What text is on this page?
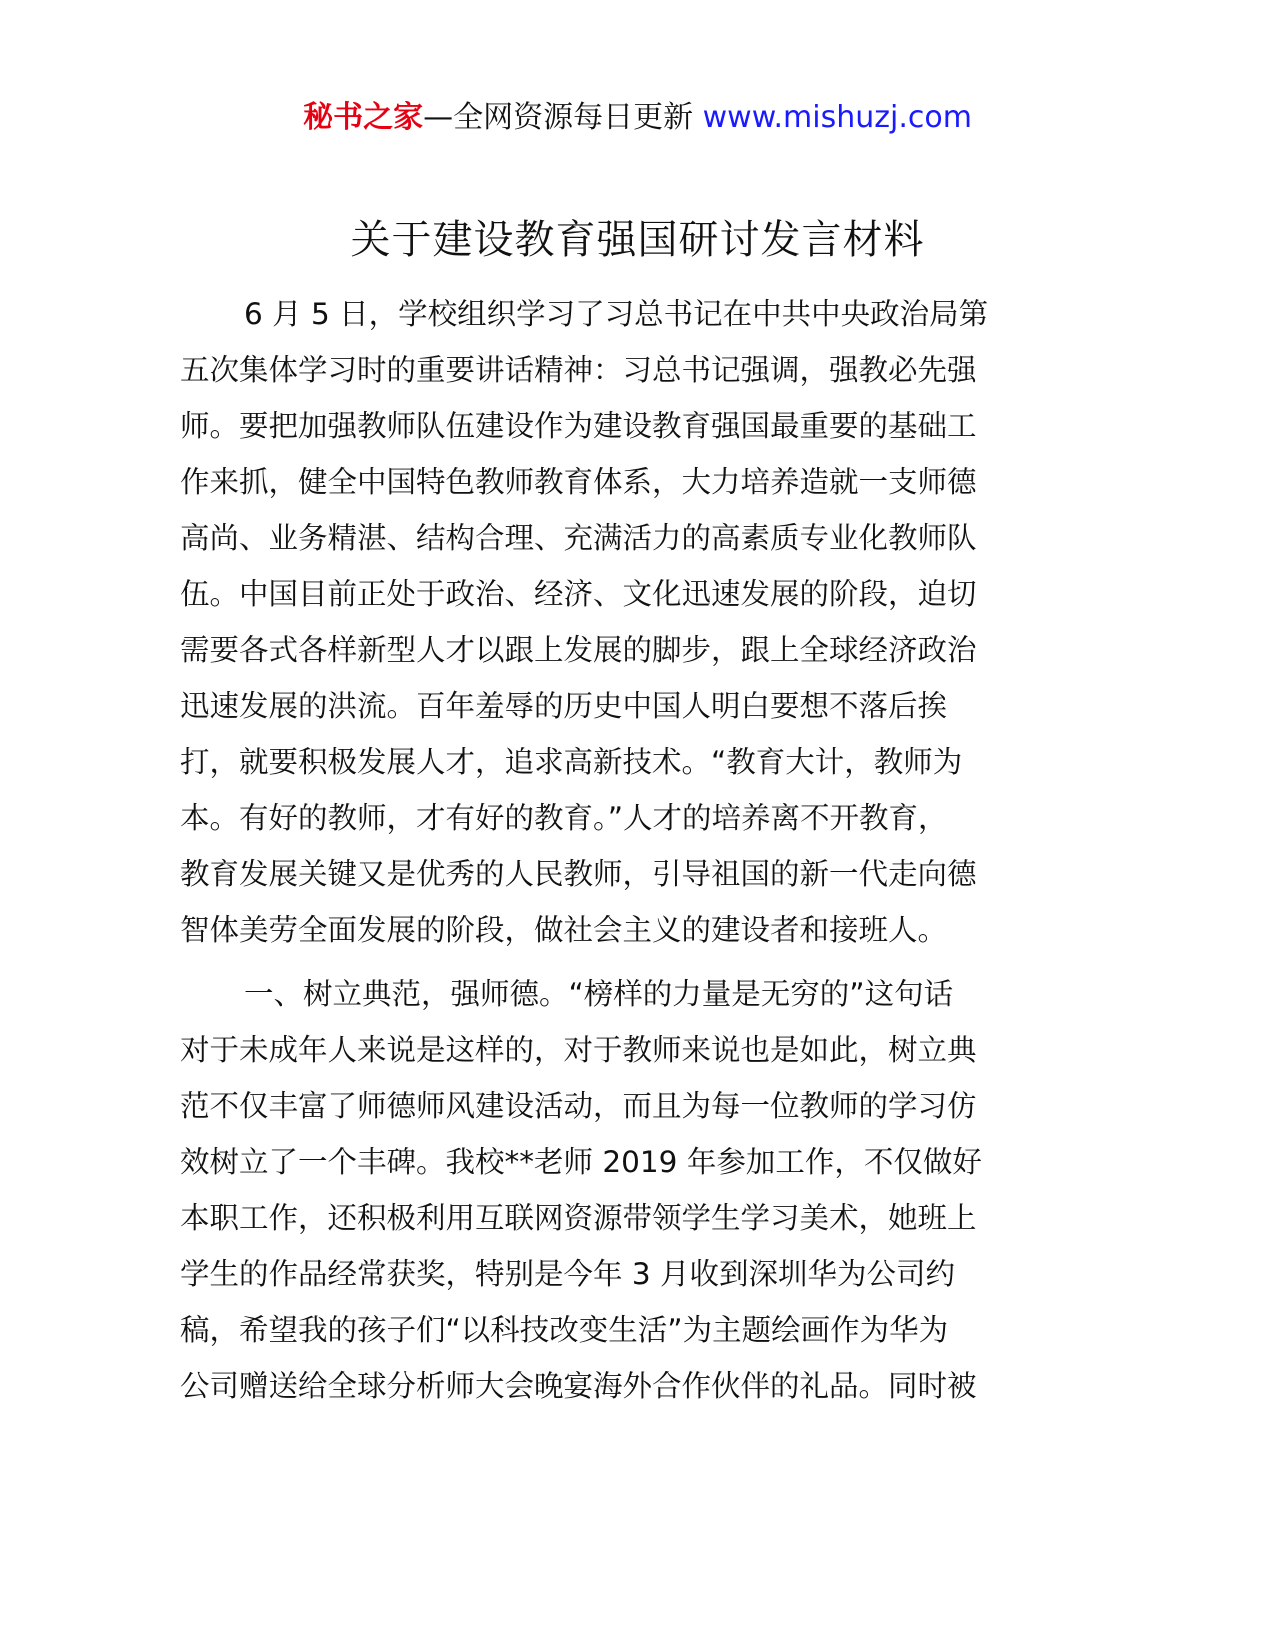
秘书之家—全网资源每日更新 www.mishuzj.com
关于建设教育强国研讨发言材料
6 月 5 日，学校组织学习了习总书记在中共中央政治局第
五次集体学习时的重要讲话精神：习总书记强调，强教必先强
师。要把加强教师队伍建设作为建设教育强国最重要的基础工
作来抓，健全中国特色教师教育体系，大力培养造就一支师德
高尚、业务精湛、结构合理、充满活力的高素质专业化教师队
伍。中国目前正处于政治、经济、文化迅速发展的阶段，迫切
需要各式各样新型人才以跟上发展的脚步，跟上全球经济政治
迅速发展的洪流。百年羞辱的历史中国人明白要想不落后挨
打，就要积极发展人才，追求高新技术。“教育大计，教师为
本。有好的教师，才有好的教育。”人才的培养离不开教育，
教育发展关键又是优秀的人民教师，引导祖国的新一代走向德
智体美劳全面发展的阶段，做社会主义的建设者和接班人。
一、树立典范，强师德。“榜样的力量是无穷的”这句话
对于未成年人来说是这样的，对于教师来说也是如此，树立典
范不仅丰富了师德师风建设活动，而且为每一位教师的学习仿
效树立了一个丰碑。我校**老师 2019 年参加工作，不仅做好
本职工作，还积极利用互联网资源带领学生学习美术，她班上
学生的作品经常获奖，特别是今年 3 月收到深圳华为公司约
稿，希望我的孩子们“以科技改变生活”为主题绘画作为华为
公司赠送给全球分析师大会晚宴海外合作伙伴的礼品。同时被
